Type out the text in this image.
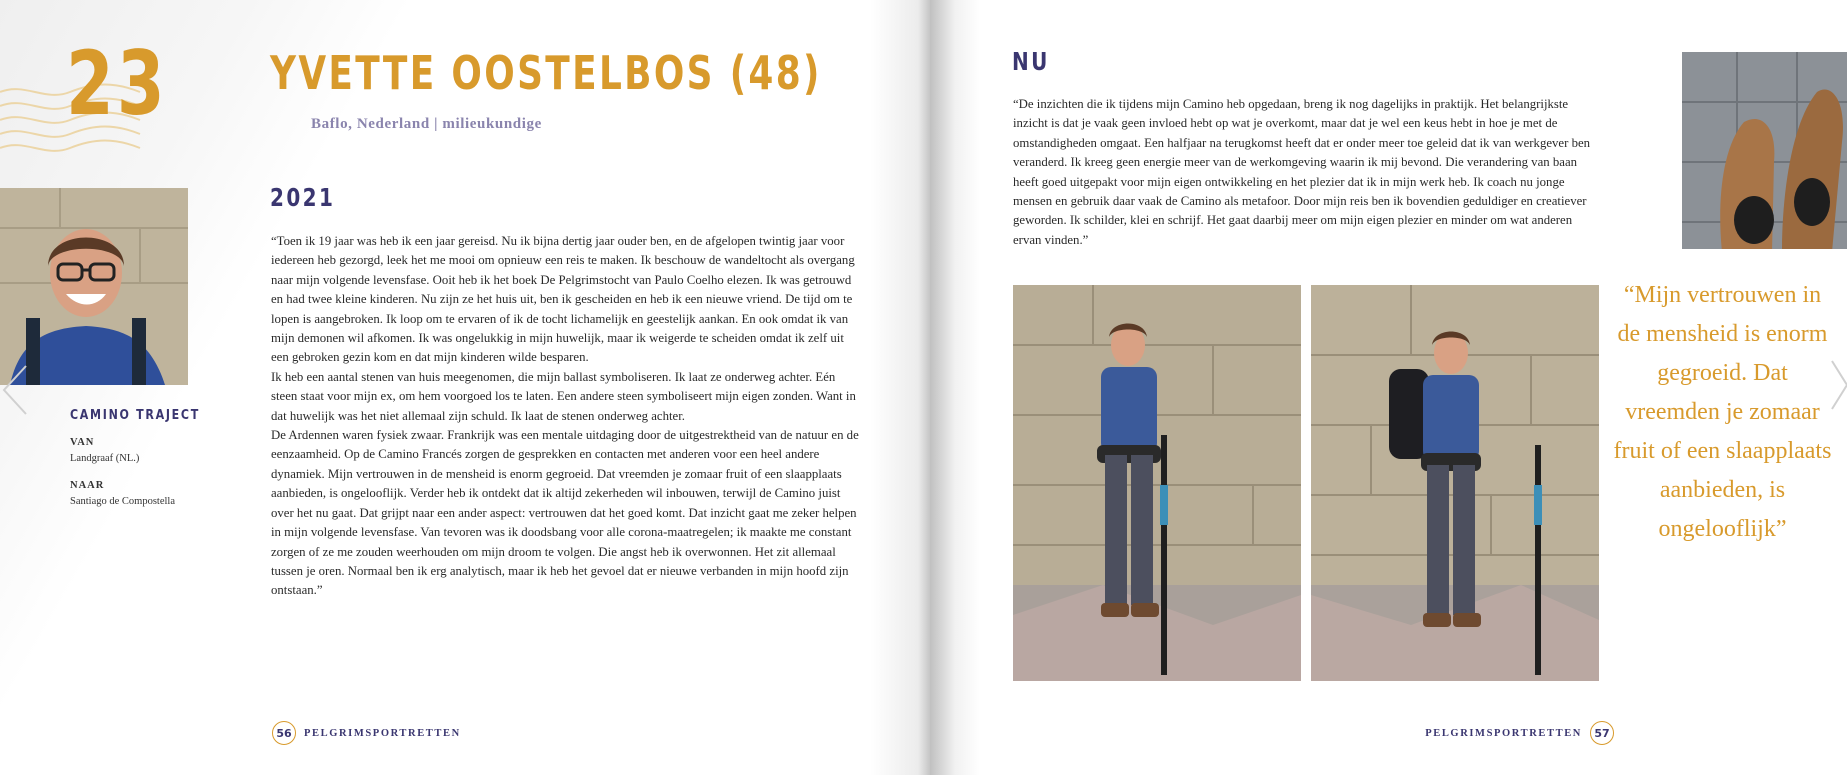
23 YVETTE OOSTELBOS (48)
Baflo, Nederland | milieukundige
2021

“Toen ik 19 jaar was heb ik een jaar gereisd. Nu ik bijna dertig jaar ouder ben, en de afgelopen twintig jaar voor iedereen heb gezorgd, leek het me mooi om opnieuw een reis te maken. Ik beschouw de wandeltocht als overgang naar mijn volgende levensfase. Ooit heb ik het boek De Pelgrimstocht van Paulo Coelho elezen. Ik was getrouwd en had twee kleine kinderen. Nu zijn ze het huis uit, ben ik gescheiden en heb ik een nieuwe vriend. De tijd om te lopen is aangebroken. Ik loop om te ervaren of ik de tocht lichamelijk en geestelijk aankan. En ook omdat ik van mijn demonen wil afkomen. Ik was ongelukkig in mijn huwelijk, maar ik weigerde te scheiden omdat ik zelf uit een gebroken gezin kom en dat mijn kinderen wilde besparen.

Ik heb een aantal stenen van huis meegenomen, die mijn ballast symboliseren. Ik laat ze onderweg achter. Eén steen staat voor mijn ex, om hem voorgoed los te laten. Een andere steen symboliseert mijn eigen zonden. Want in dat huwelijk was het niet allemaal zijn schuld. Ik laat de stenen onderweg achter.

De Ardennen waren fysiek zwaar. Frankrijk was een mentale uitdaging door de uitgestrektheid van de natuur en de eenzaamheid. Op de Camino Francés zorgen de gesprekken en contacten met anderen voor een heel andere dynamiek. Mijn vertrouwen in de mensheid is enorm gegroeid. Dat vreemden je zomaar fruit of een slaapplaats aanbieden, is ongelooflijk. Verder heb ik ontdekt dat ik altijd zekerheden wil inbouwen, terwijl de Camino juist over het nu gaat. Dat grijpt naar een ander aspect: vertrouwen dat het goed komt. Dat inzicht gaat me zeker helpen in mijn volgende levensfase. Van tevoren was ik doodsbang voor alle corona-maatregelen; ik maakte me constant zorgen of ze me zouden weerhouden om mijn droom te volgen. Die angst heb ik overwonnen. Het zit allemaal tussen je oren. Normaal ben ik erg analytisch, maar ik heb het gevoel dat er nieuwe verbanden in mijn hoofd zijn ontstaan.”

CAMINO TRAJECT
VAN
Landgraaf (NL.)
NAAR
Santiago de Compostella
56	PELGRIMSPORTRETTEN
NU
“De inzichten die ik tijdens mijn Camino heb opgedaan, breng ik nog dagelijks in praktijk. Het belangrijkste inzicht is dat je vaak geen invloed hebt op wat je overkomt, maar dat je wel een keus hebt in hoe je met de omstandigheden omgaat. Een halfjaar na terugkomst heeft dat er onder meer toe geleid dat ik van werkgever ben veranderd. Ik kreeg geen energie meer van de werkomgeving waarin ik mij bevond. Die verandering van baan heeft goed uitgepakt voor mijn eigen ontwikkeling en het plezier dat ik in mijn werk heb. Ik coach nu jonge mensen en gebruik daar vaak de Camino als metafoor. Door mijn reis ben ik bovendien geduldiger en creatiever geworden. Ik schilder, klei en schrijf. Het gaat daarbij meer om mijn eigen plezier en minder om wat anderen ervan vinden.”
“Mijn vertrouwen in de mensheid is enorm gegroeid. Dat vreemden je zomaar fruit of een slaapplaats aanbieden, is ongelooflijk”
PELGRIMSPORTRETTEN	57
